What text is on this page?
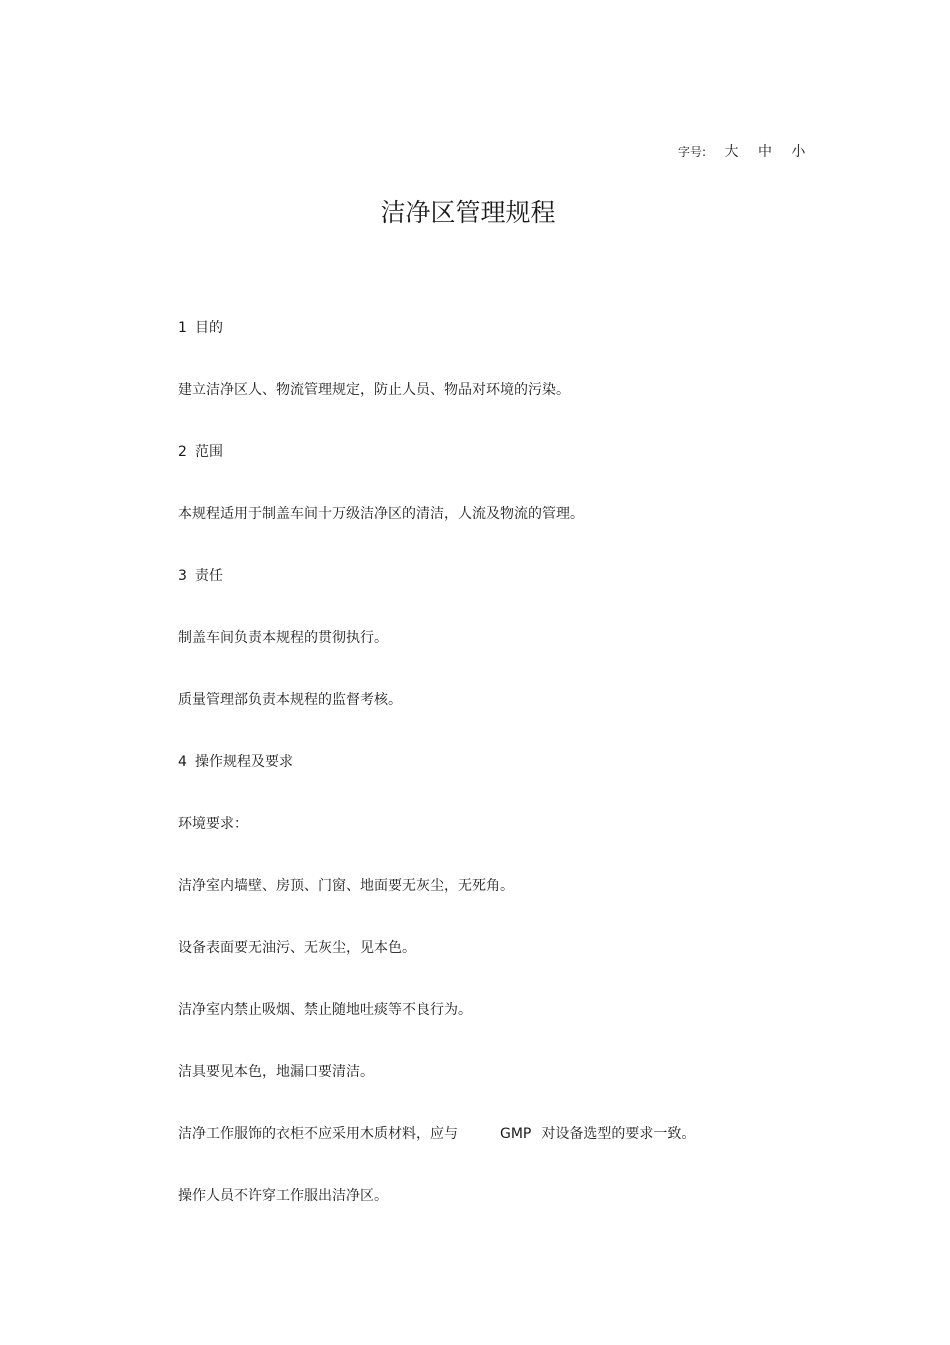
字号: 大 中 小
洁净区管理规程
1 目的
建立洁净区人、物流管理规定，防止人员、物品对环境的污染。
2 范围
本规程适用于制盖车间十万级洁净区的清洁，人流及物流的管理。
3 责任
制盖车间负责本规程的贯彻执行。
质量管理部负责本规程的监督考核。
4 操作规程及要求
环境要求：
洁净室内墙壁、房顶、门窗、地面要无灰尘，无死角。
设备表面要无油污、无灰尘，见本色。
洁净室内禁止吸烟、禁止随地吐痰等不良行为。
洁具要见本色，地漏口要清洁。
洁净工作服饰的衣柜不应采用木质材料，应与	GMP 对设备选型的要求一致。
操作人员不许穿工作服出洁净区。
